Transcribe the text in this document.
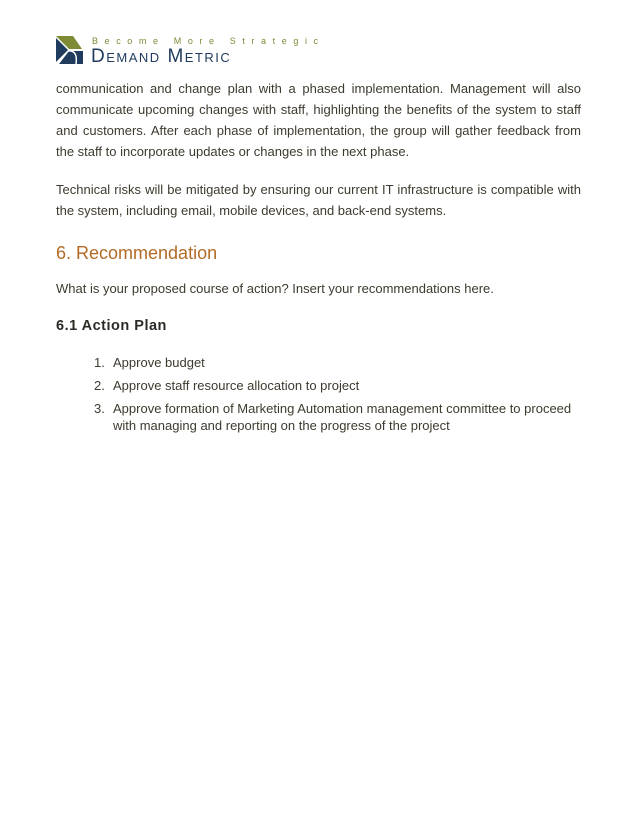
Become More Strategic
Demand Metric

communication and change plan with a phased implementation. Management will also communicate upcoming changes with staff, highlighting the benefits of the system to staff and customers. After each phase of implementation, the group will gather feedback from the staff to incorporate updates or changes in the next phase.

Technical risks will be mitigated by ensuring our current IT infrastructure is compatible with the system, including email, mobile devices, and back-end systems.

6. Recommendation

What is your proposed course of action? Insert your recommendations here.

6.1 Action Plan
1. Approve budget
2. Approve staff resource allocation to project
3. Approve formation of Marketing Automation management committee to proceed with managing and reporting on the progress of the project
